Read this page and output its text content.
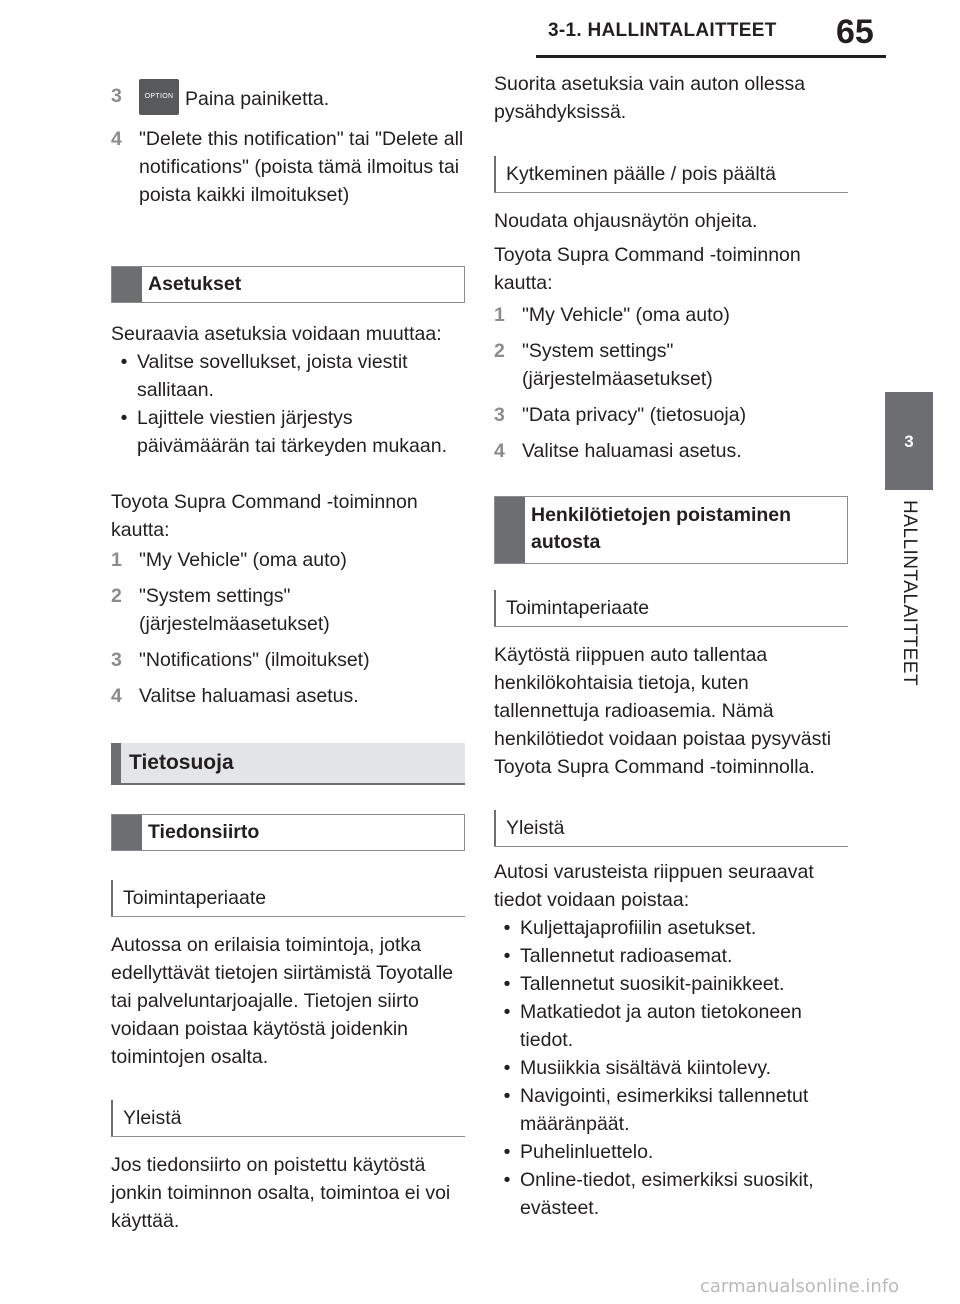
3-1. HALLINTALAITTEET 65
3
HALLINTALAITTEET
3	OPTION Paina painiketta.
4 "Delete this notification" tai "Delete all notifications" (poista tämä ilmoitus tai poista kaikki ilmoitukset)
Asetukset

Seuraavia asetuksia voidaan muuttaa:

• Valitse sovellukset, joista viestit sallitaan.
• Lajittele viestien järjestys päivämäärän tai tärkeyden mukaan.

Toyota Supra Command -toiminnon kautta:

1 "My Vehicle" (oma auto)
2 "System settings" (järjestelmäasetukset)
3 "Notifications" (ilmoitukset)
4 Valitse haluamasi asetus.
Tietosuoja
Tiedonsiirto
Toimintaperiaate

Autossa on erilaisia toimintoja, jotka edellyttävät tietojen siirtämistä Toyotalle tai palveluntarjoajalle. Tietojen siirto voidaan poistaa käytöstä joidenkin toimintojen osalta.

Yleistä

Jos tiedonsiirto on poistettu käytöstä jonkin toiminnon osalta, toimintoa ei voi käyttää.

Suorita asetuksia vain auton ollessa pysähdyksissä.

Kytkeminen päälle / pois päältä

Noudata ohjausnäytön ohjeita.

Toyota Supra Command -toiminnon kautta:

1 "My Vehicle" (oma auto)
2 "System settings" (järjestelmäasetukset)
3 "Data privacy" (tietosuoja)
4 Valitse haluamasi asetus.
Henkilötietojen poistaminen autosta
Toimintaperiaate

Käytöstä riippuen auto tallentaa henkilökohtaisia tietoja, kuten tallennettuja radioasemia. Nämä henkilötiedot voidaan poistaa pysyvästi Toyota Supra Command -toiminnolla.

Yleistä

Autosi varusteista riippuen seuraavat tiedot voidaan poistaa:

• Kuljettajaprofiilin asetukset.
• Tallennetut radioasemat.
• Tallennetut suosikit-painikkeet.
• Matkatiedot ja auton tietokoneen tiedot.
• Musiikkia sisältävä kiintolevy.
• Navigointi, esimerkiksi tallennetut määränpäät.
• Puhelinluettelo.
• Online-tiedot, esimerkiksi suosikit, evästeet.
carmanualsonline.info
